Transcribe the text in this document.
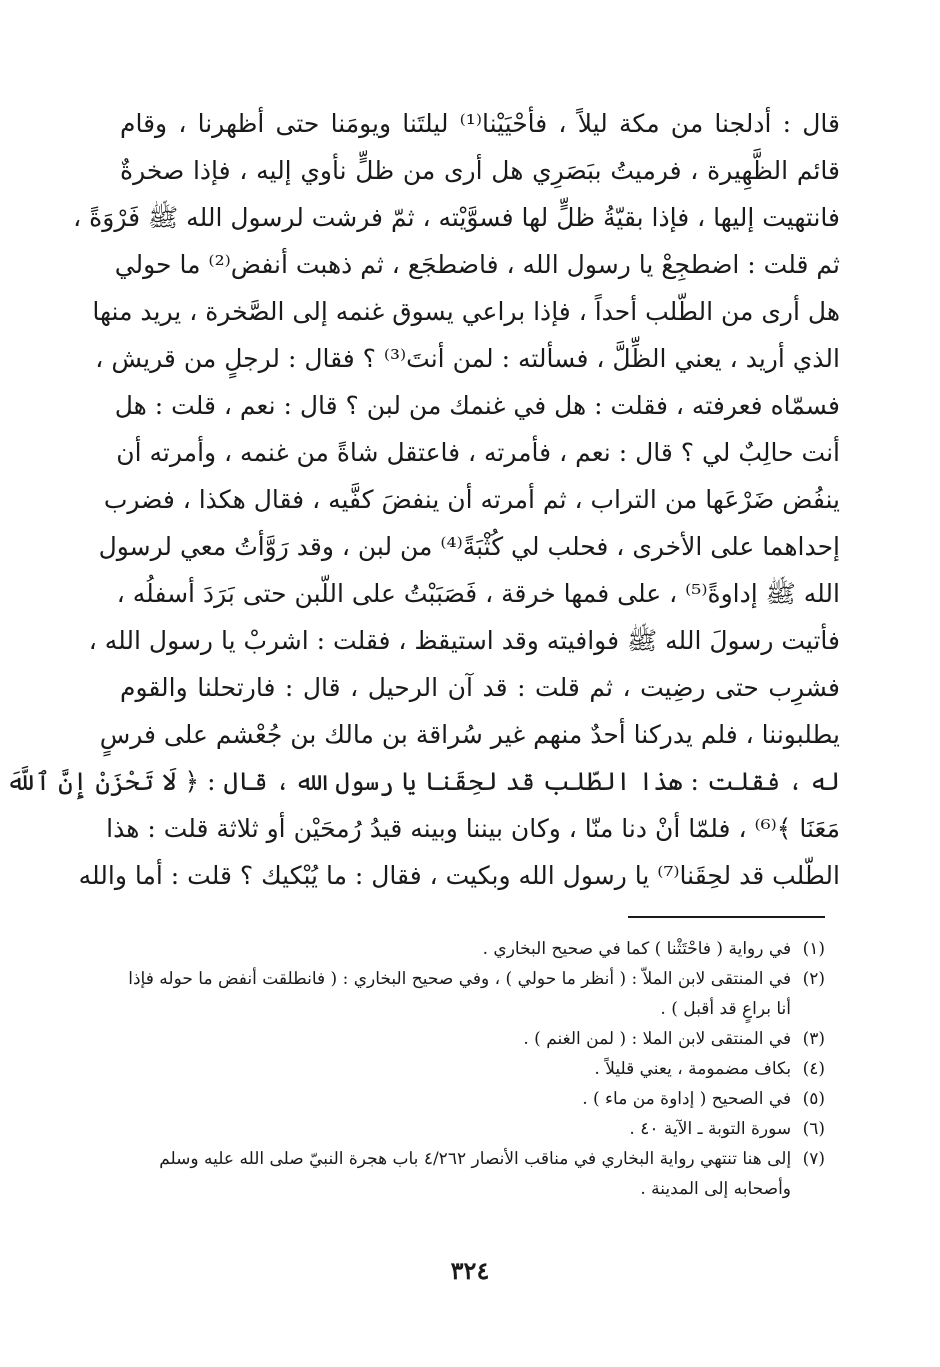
قال : أدلجنا من مكة ليلاً ، فأحْيَيْنا⁽¹⁾ ليلتَنا ويومَنا حتى أظهرنا ، وقام
قائم الظَّهِيرة ، فرميتُ ببَصَرِي هل أرى من ظلٍّ نأوي إليه ، فإذا صخرةٌ
فانتهيت إليها ، فإذا بقيّةُ ظلٍّ لها فسوَّيْته ، ثمّ فرشت لرسول الله ﷺ فَرْوَةً ،
ثم قلت : اضطجِعْ يا رسول الله ، فاضطجَع ، ثم ذهبت أنفض⁽²⁾ ما حولي
هل أرى من الطّلب أحداً ، فإذا براعي يسوق غنمه إلى الصَّخرة ، يريد منها
الذي أريد ، يعني الظِّلَّ ، فسألته : لمن أنتَ⁽³⁾ ؟ فقال : لرجلٍ من قريش ،
فسمّاه فعرفته ، فقلت : هل في غنمك من لبن ؟ قال : نعم ، قلت : هل
أنت حالِبٌ لي ؟ قال : نعم ، فأمرته ، فاعتقل شاةً من غنمه ، وأمرته أن
ينفُض ضَرْعَها من التراب ، ثم أمرته أن ينفضَ كفَّيه ، فقال هكذا ، فضرب
إحداهما على الأخرى ، فحلب لي كُثْبَةً⁽⁴⁾ من لبن ، وقد رَوَّأتُ معي لرسول
الله ﷺ إداوةً⁽⁵⁾ ، على فمها خرقة ، فَصَبَبْتُ على اللّبن حتى بَرَدَ أسفلُه ،
فأتيت رسولَ الله ﷺ فوافيته وقد استيقظ ، فقلت : اشربْ يا رسول الله ،
فشرِب حتى رضِيت ، ثم قلت : قد آن الرحيل ، قال : فارتحلنا والقوم
يطلبوننا ، فلم يدركنا أحدٌ منهم غير سُراقة بن مالك بن جُعْشم على فرسٍ
له ، فقلت : هذا الطّلب قد لحِقَنا يا رسول الله ، قال : ﴿ لَا تَحْزَنْ إِنَّ ٱللَّهَ
مَعَنَا ﴾⁽⁶⁾ ، فلمّا أنْ دنا منّا ، وكان بيننا وبينه قيدُ رُمحَيْن أو ثلاثة قلت : هذا
الطّلب قد لحِقَنا⁽⁷⁾ يا رسول الله وبكيت ، فقال : ما يُبْكيك ؟ قلت : أما والله
(١) في رواية ( فاحْتَثْنا ) كما في صحيح البخاري .
(٢) في المنتقى لابن الملاّ : ( أنظر ما حولي ) ، وفي صحيح البخاري : ( فانطلقت أنفض ما حوله فإذا
أنا براعٍ قد أقبل ) .
(٣) في المنتقى لابن الملا : ( لمن الغنم ) .
(٤) بكاف مضمومة ، يعني قليلاً .
(٥) في الصحيح ( إداوة من ماء ) .
(٦) سورة التوبة ـ الآية ٤٠ .
(٧) إلى هنا تنتهي رواية البخاري في مناقب الأنصار ٤/٢٦٢ باب هجرة النبيّ صلى الله عليه وسلم
وأصحابه إلى المدينة .
٣٢٤
